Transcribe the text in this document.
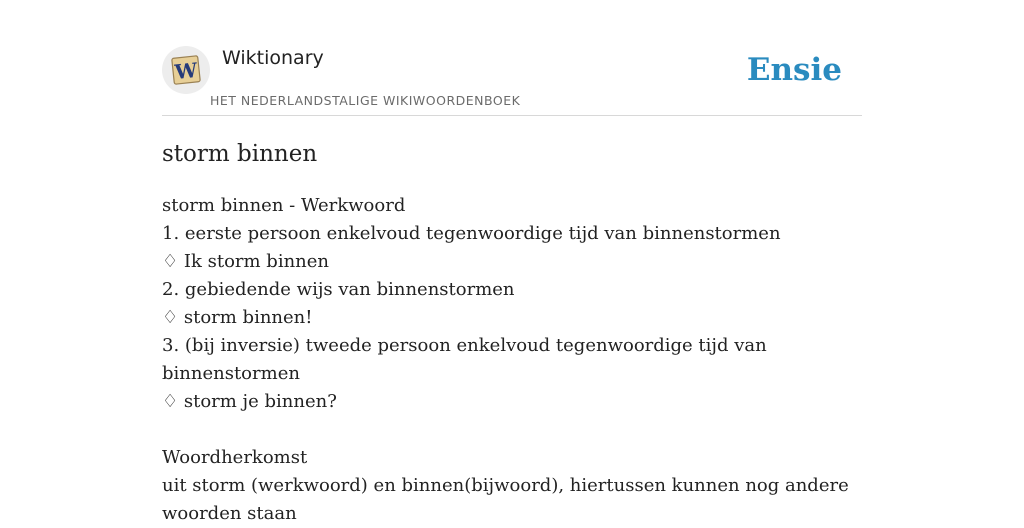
W Wiktionary
HET NEDERLANDSTALIGE WIKIWOORDENBOEK
Ensie
storm binnen

storm binnen - Werkwoord

1. eerste persoon enkelvoud tegenwoordige tijd van binnenstormen

♢ Ik storm binnen

2. gebiedende wijs van binnenstormen

♢ storm binnen!

3. (bij inversie) tweede persoon enkelvoud tegenwoordige tijd van binnenstormen

♢ storm je binnen?

Woordherkomst

uit storm (werkwoord) en binnen(bijwoord), hiertussen kunnen nog andere woorden staan
